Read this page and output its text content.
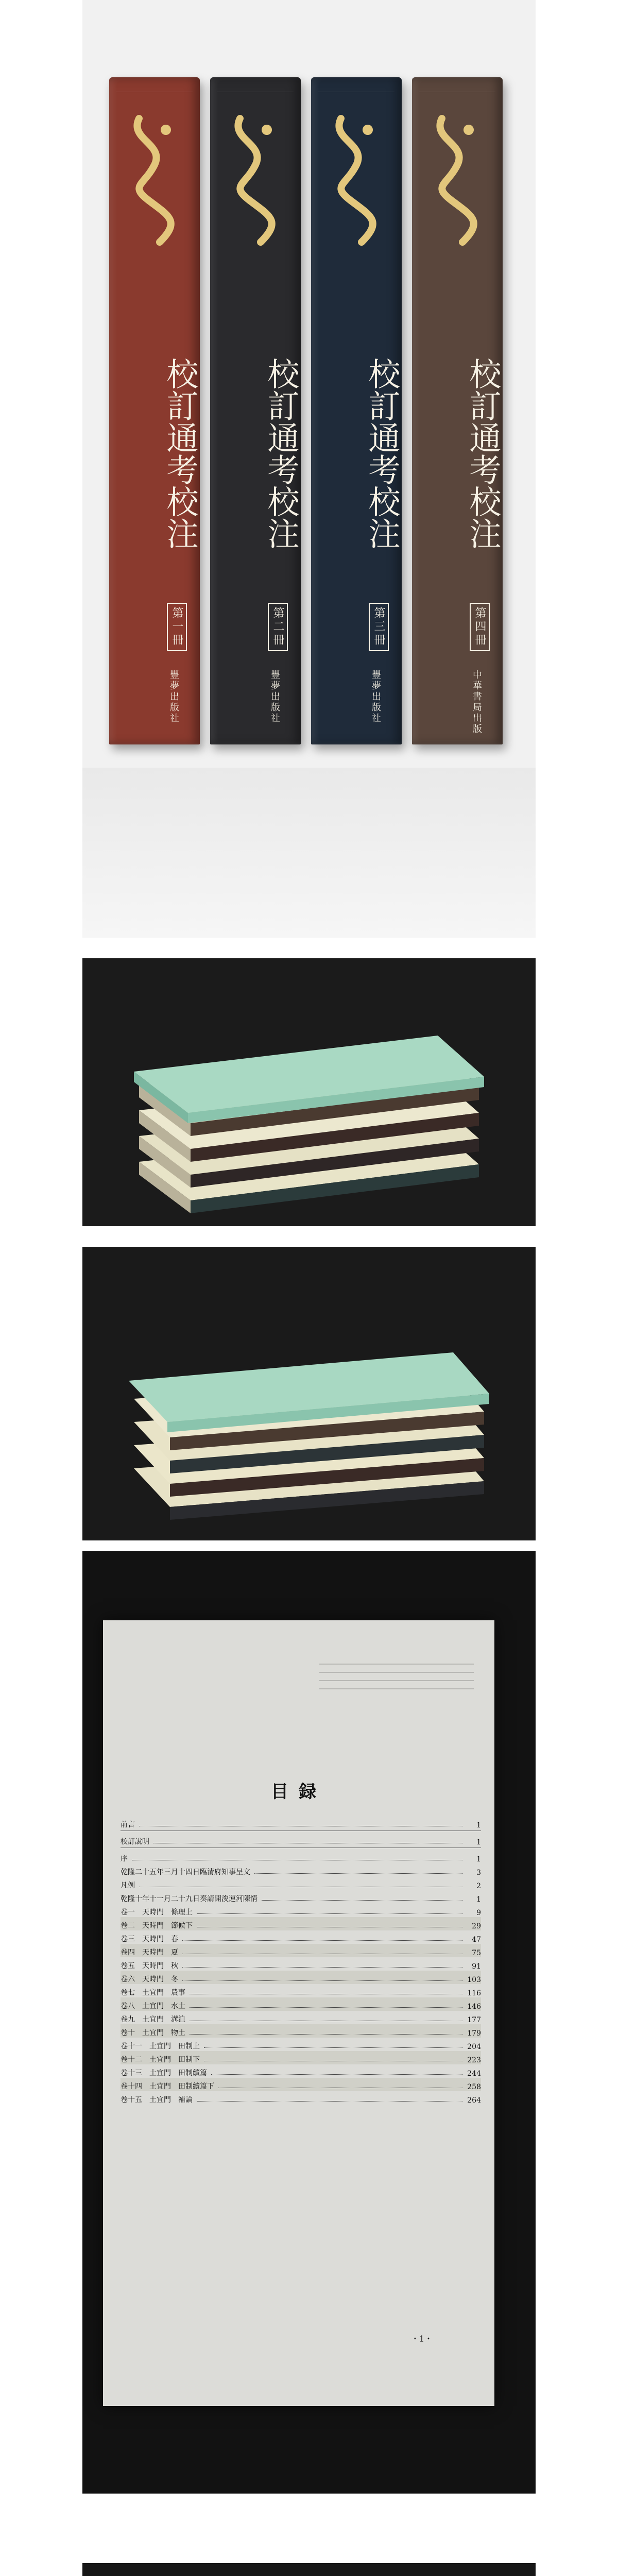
校訂通考校注
第一冊
豐夢出版社
校訂通考校注
第二冊
豐夢出版社
校訂通考校注
第三冊
豐夢出版社
校訂通考校注
第四冊
中華書局出版
目録
前言	1
校訂說明	1
序	1
乾隆二十五年三月十四日臨清府知事呈文	3
凡例	2
乾隆十年十一月二十九日奏請開浚運河陳情	1
卷一　天時門　條理上	9
卷二　天時門　節候下	29
卷三　天時門　春	47
卷四　天時門　夏	75
卷五　天時門　秋	91
卷六　天時門　冬	103
卷七　土宜門　農事	116
卷八　土宜門　水土	146
卷九　土宜門　溝洫	177
卷十　土宜門　物土	179
卷十一　土宜門　田制上	204
卷十二　土宜門　田制下	223
卷十三　土宜門　田制續篇	244
卷十四　土宜門　田制續篇下	258
卷十五　土宜門　補論	264
・1・
